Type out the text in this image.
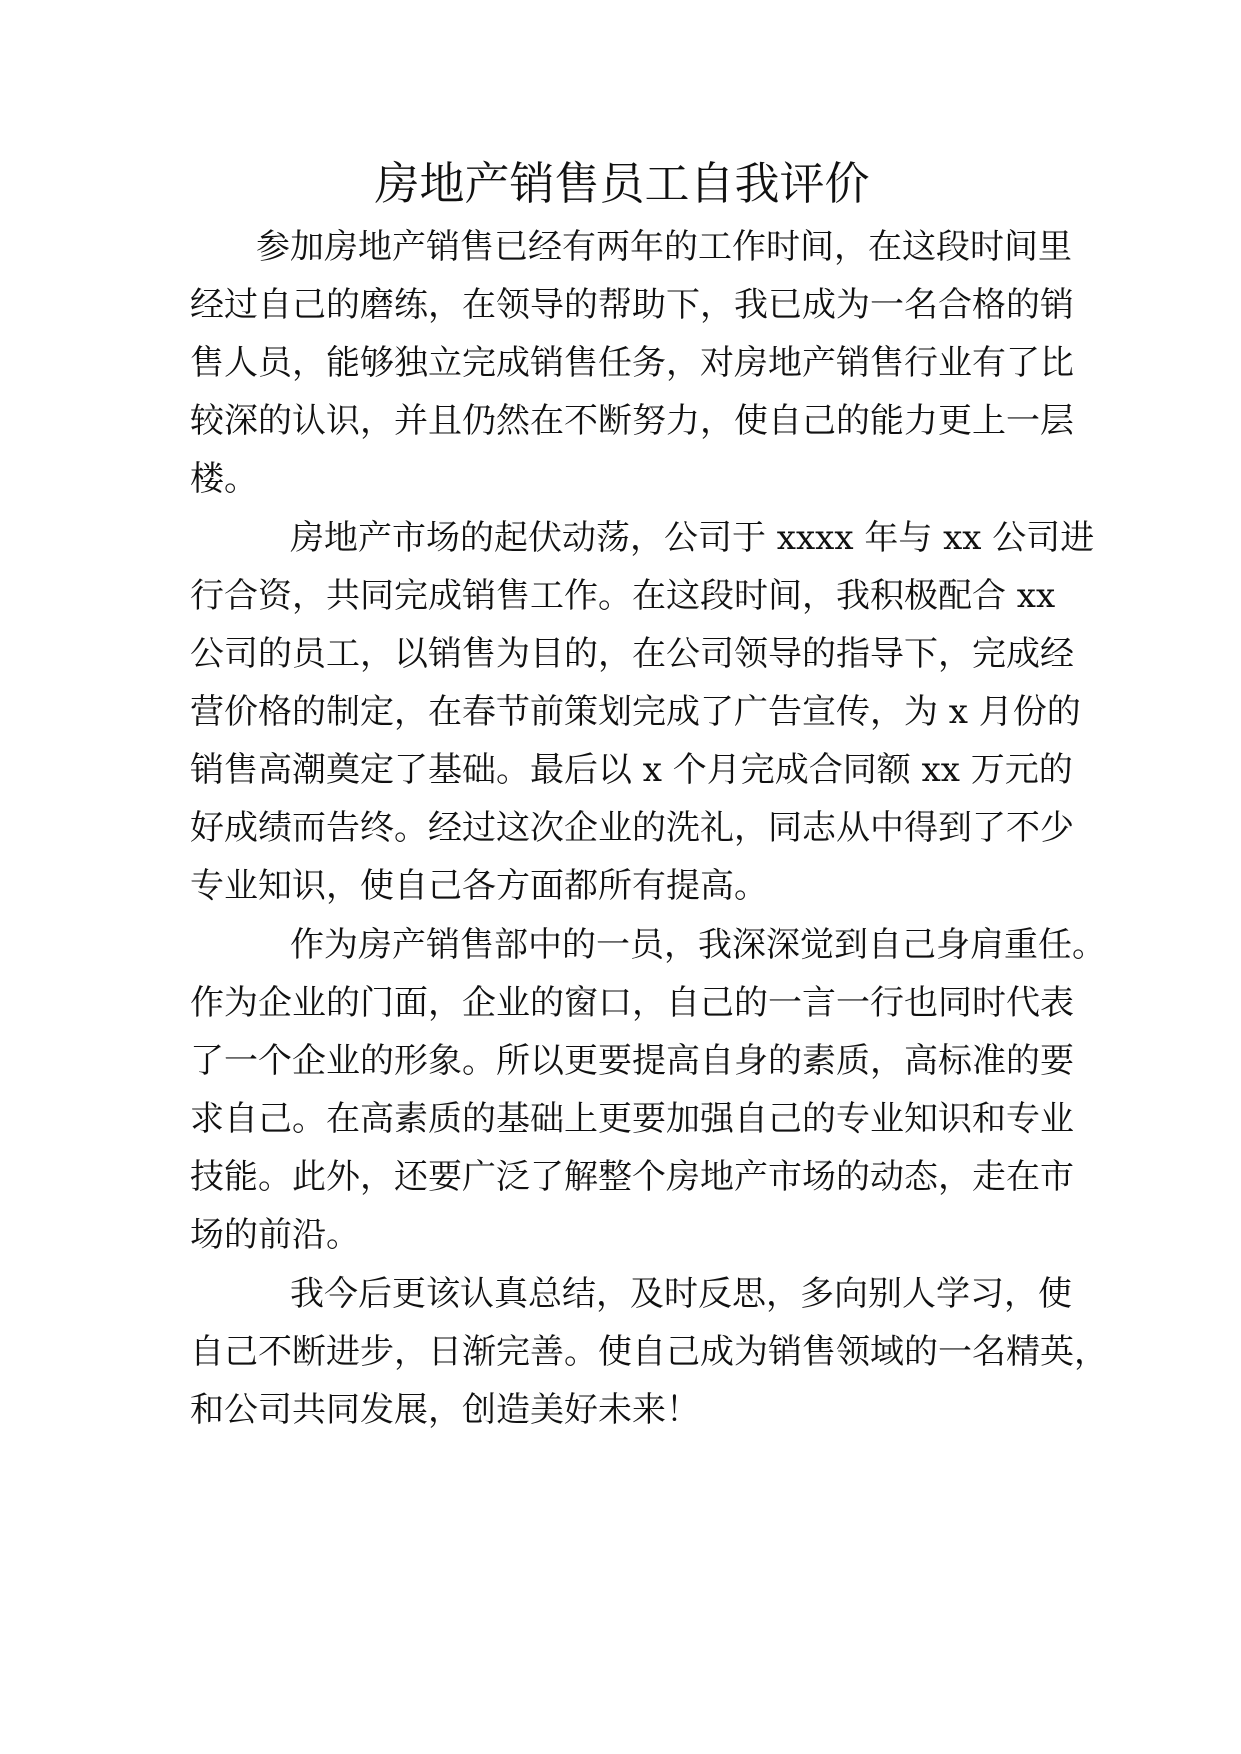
房地产销售员工自我评价

参加房地产销售已经有两年的工作时间，在这段时间里
经过自己的磨练，在领导的帮助下，我已成为一名合格的销
售人员，能够独立完成销售任务，对房地产销售行业有了比
较深的认识，并且仍然在不断努力，使自己的能力更上一层
楼。

房地产市场的起伏动荡，公司于 xxxx 年与 xx 公司进
行合资，共同完成销售工作。在这段时间，我积极配合 xx
公司的员工，以销售为目的，在公司领导的指导下，完成经
营价格的制定，在春节前策划完成了广告宣传，为 x 月份的
销售高潮奠定了基础。最后以 x 个月完成合同额 xx 万元的
好成绩而告终。经过这次企业的洗礼，同志从中得到了不少
专业知识，使自己各方面都所有提高。

作为房产销售部中的一员，我深深觉到自己身肩重任。
作为企业的门面，企业的窗口，自己的一言一行也同时代表
了一个企业的形象。所以更要提高自身的素质，高标准的要
求自己。在高素质的基础上更要加强自己的专业知识和专业
技能。此外，还要广泛了解整个房地产市场的动态，走在市
场的前沿。

我今后更该认真总结，及时反思，多向别人学习，使
自己不断进步，日渐完善。使自己成为销售领域的一名精英，
和公司共同发展，创造美好未来！
